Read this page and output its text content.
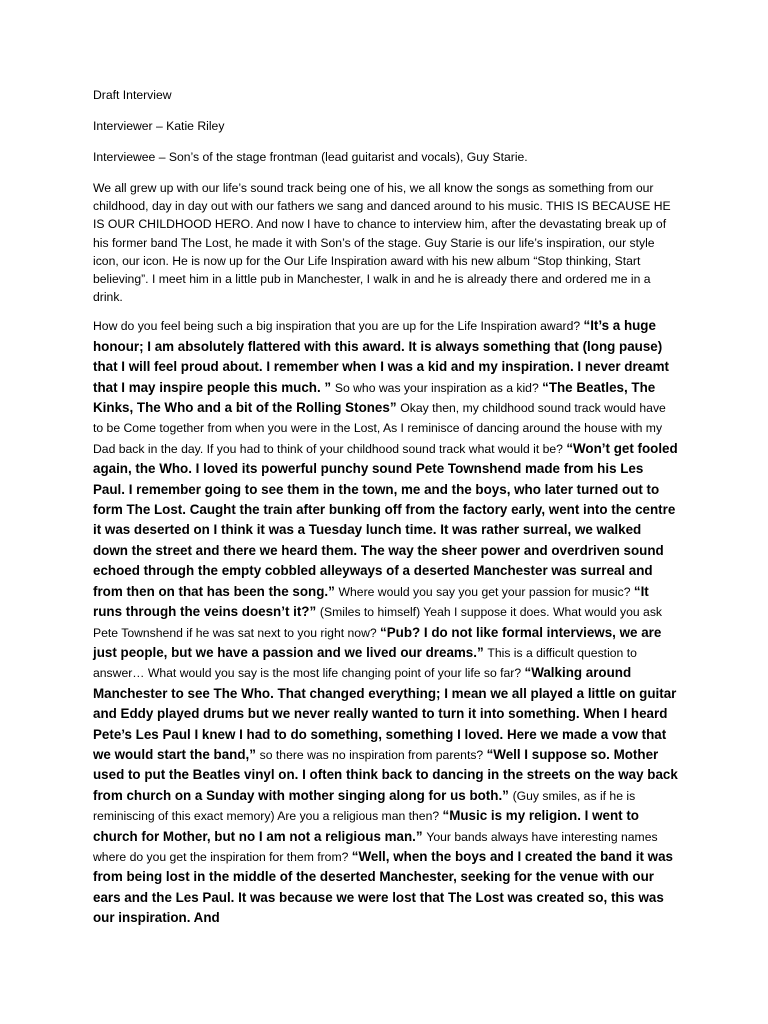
Draft Interview

Interviewer – Katie Riley

Interviewee – Son’s of the stage frontman (lead guitarist and vocals), Guy Starie.

We all grew up with our life’s sound track being one of his, we all know the songs as something from our childhood, day in day out with our fathers we sang and danced around to his music. THIS IS BECAUSE HE IS OUR CHILDHOOD HERO. And now I have to chance to interview him, after the devastating break up of his former band The Lost, he made it with Son’s of the stage. Guy Starie is our life’s inspiration, our style icon, our icon. He is now up for the Our Life Inspiration award with his new album “Stop thinking, Start believing”. I meet him in a little pub in Manchester, I walk in and he is already there and ordered me in a drink.

How do you feel being such a big inspiration that you are up for the Life Inspiration award? “It’s a huge honour; I am absolutely flattered with this award. It is always something that (long pause) that I will feel proud about. I remember when I was a kid and my inspiration. I never dreamt that I may inspire people this much. ” So who was your inspiration as a kid? “The Beatles, The Kinks, The Who and a bit of the Rolling Stones” Okay then, my childhood sound track would have to be Come together from when you were in the Lost, As I reminisce of dancing around the house with my Dad back in the day. If you had to think of your childhood sound track what would it be? “Won’t get fooled again, the Who. I loved its powerful punchy sound Pete Townshend made from his Les Paul. I remember going to see them in the town, me and the boys, who later turned out to form The Lost. Caught the train after bunking off from the factory early, went into the centre it was deserted on I think it was a Tuesday lunch time. It was rather surreal, we walked down the street and there we heard them. The way the sheer power and overdriven sound echoed through the empty cobbled alleyways of a deserted Manchester was surreal and from then on that has been the song.” Where would you say you get your passion for music? “It runs through the veins doesn’t it?” (Smiles to himself) Yeah I suppose it does. What would you ask Pete Townshend if he was sat next to you right now? “Pub? I do not like formal interviews, we are just people, but we have a passion and we lived our dreams.” This is a difficult question to answer… What would you say is the most life changing point of your life so far? “Walking around Manchester to see The Who. That changed everything; I mean we all played a little on guitar and Eddy played drums but we never really wanted to turn it into something. When I heard Pete’s Les Paul I knew I had to do something, something I loved. Here we made a vow that we would start the band,” so there was no inspiration from parents? “Well I suppose so. Mother used to put the Beatles vinyl on. I often think back to dancing in the streets on the way back from church on a Sunday with mother singing along for us both.” (Guy smiles, as if he is reminiscing of this exact memory) Are you a religious man then? “Music is my religion. I went to church for Mother, but no I am not a religious man.” Your bands always have interesting names where do you get the inspiration for them from? “Well, when the boys and I created the band it was from being lost in the middle of the deserted Manchester, seeking for the venue with our ears and the Les Paul. It was because we were lost that The Lost was created so, this was our inspiration. And
